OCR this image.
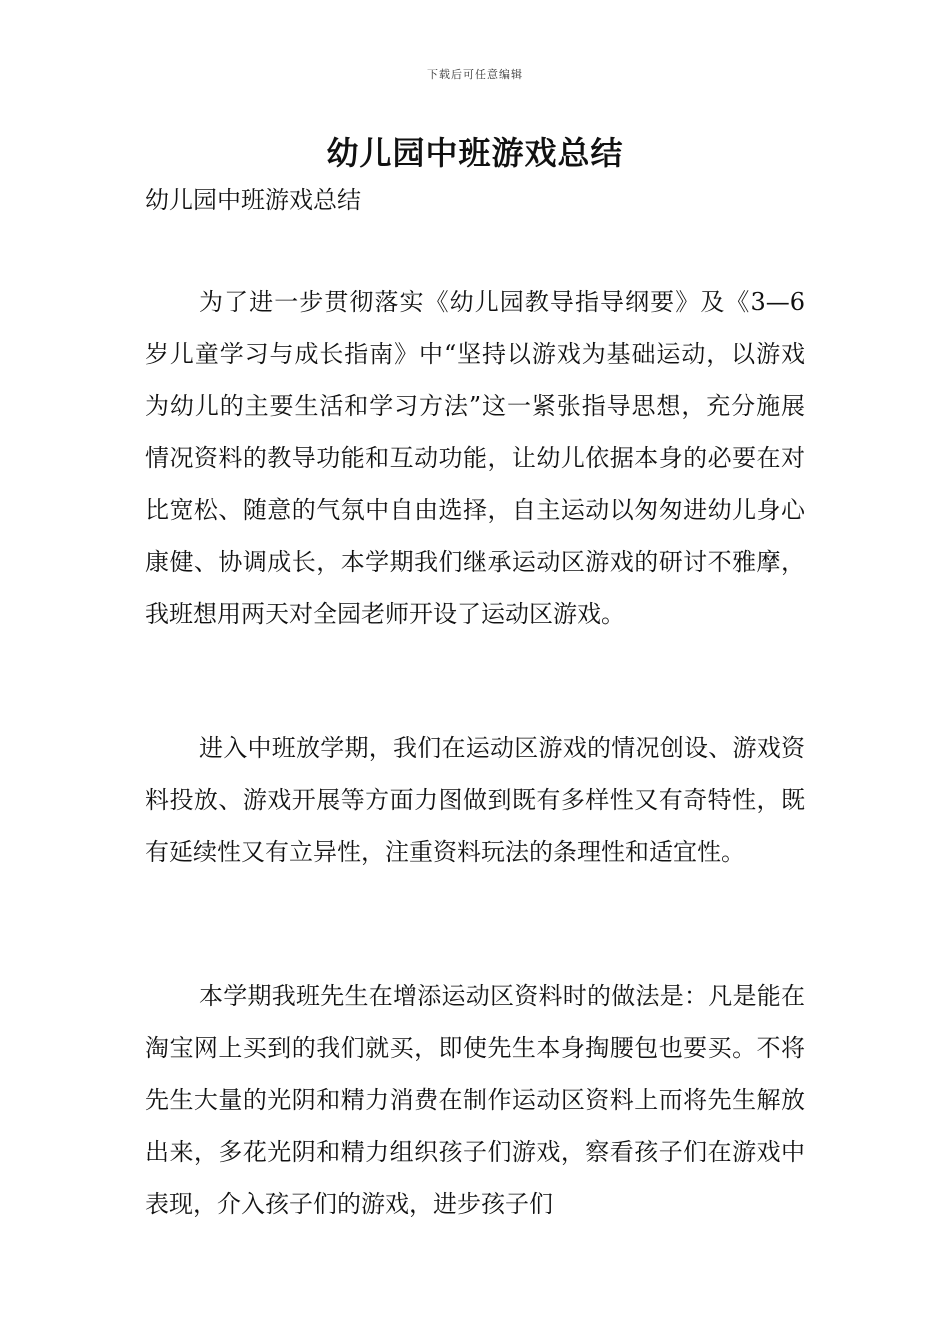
下载后可任意编辑
幼儿园中班游戏总结

幼儿园中班游戏总结

为了进一步贯彻落实《幼儿园教导指导纲要》及《3—6岁儿童学习与成长指南》中“坚持以游戏为基础运动，以游戏为幼儿的主要生活和学习方法”这一紧张指导思想，充分施展情况资料的教导功能和互动功能，让幼儿依据本身的必要在对比宽松、随意的气氛中自由选择，自主运动以匆匆进幼儿身心康健、协调成长，本学期我们继承运动区游戏的研讨不雅摩，我班想用两天对全园老师开设了运动区游戏。

进入中班放学期，我们在运动区游戏的情况创设、游戏资料投放、游戏开展等方面力图做到既有多样性又有奇特性，既有延续性又有立异性，注重资料玩法的条理性和适宜性。

本学期我班先生在增添运动区资料时的做法是：凡是能在淘宝网上买到的我们就买，即使先生本身掏腰包也要买。不将先生大量的光阴和精力消费在制作运动区资料上而将先生解放出来，多花光阴和精力组织孩子们游戏，察看孩子们在游戏中表现，介入孩子们的游戏，进步孩子们
